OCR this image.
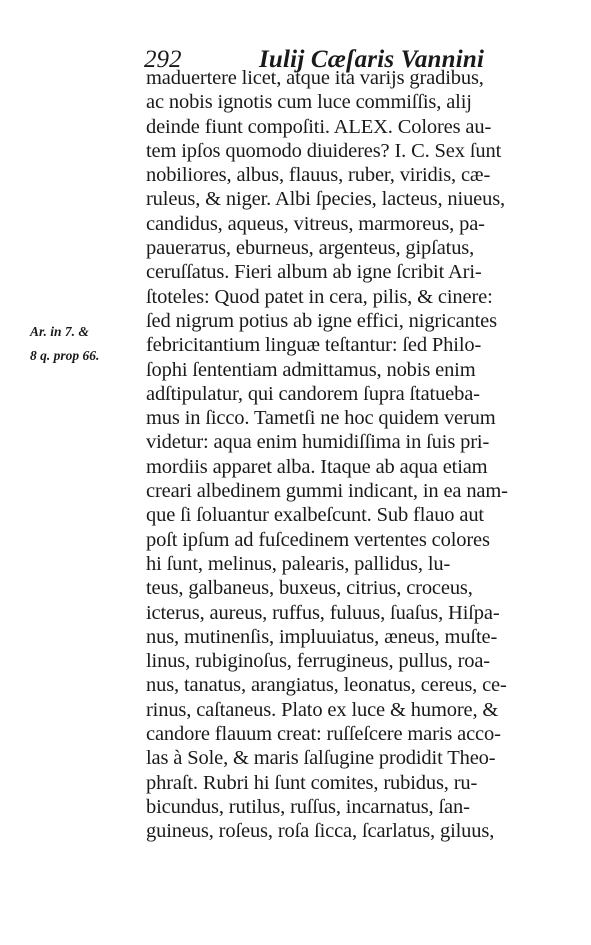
292	Iulij Cæſaris Vannini
Ar. in 7. &
8 q. prop 66.
maduertere licet, atque ita varijs gradibus,
ac nobis ignotis cum luce commiſſis, alij
deinde fiunt compoſiti. ALEX. Colores au-
tem ipſos quomodo diuideres? I. C. Sex ſunt
nobiliores, albus, flauus, ruber, viridis, cæ-
ruleus, & niger. Albi ſpecies, lacteus, niueus,
candidus, aqueus, vitreus, marmoreus, pa-
pauerатus, eburneus, argenteus, gipſatus,
ceruſſatus. Fieri album ab igne ſcribit Ari-
ſtoteles: Quod patet in cera, pilis, & cinere:
ſed nigrum potius ab igne effici, nigricantes
febricitantium linguæ teſtantur: ſed Philo-
ſophi ſententiam admittamus, nobis enim
adſtipulatur, qui candorem ſupra ſtatueba-
mus in ſicco. Tametſi ne hoc quidem verum
videtur: aqua enim humidiſſima in ſuis pri-
mordiis apparet alba. Itaque ab aqua etiam
creari albedinem gummi indicant, in ea nam-
que ſi ſoluantur exalbeſcunt. Sub flauo aut
poſt ipſum ad fuſcedinem vertentes colores
hi ſunt, melinus, palearis, pallidus, lu-
teus, galbaneus, buxeus, citrius, croceus,
icterus, aureus, ruffus, fuluus, ſuaſus, Hiſpa-
nus, mutinenſis, impluuiatus, æneus, muſte-
linus, rubiginoſus, ferrugineus, pullus, roa-
nus, tanatus, arangiatus, leonatus, cereus, ce-
rinus, caſtaneus. Plato ex luce & humore, &
candore flauum creat: ruſſeſcere maris acco-
las à Sole, & maris ſalſugine prodidit Theo-
phraſt. Rubri hi ſunt comites, rubidus, ru-
bicundus, rutilus, ruſſus, incarnatus, ſan-
guineus, roſeus, roſa ſicca, ſcarlatus, giluus,
